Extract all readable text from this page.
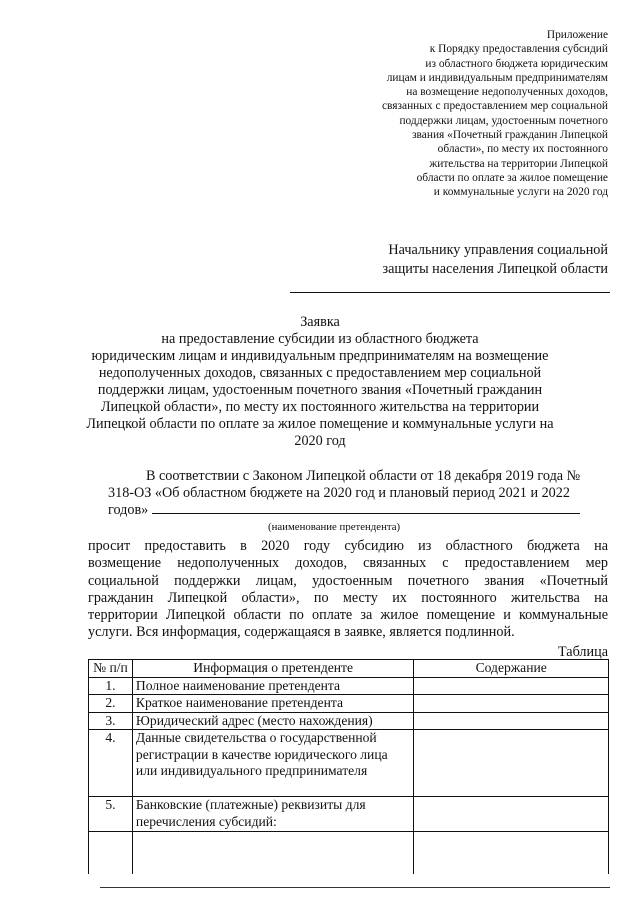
Приложение
к Порядку предоставления субсидий
из областного бюджета юридическим
лицам и индивидуальным предпринимателям
на возмещение недополученных доходов,
связанных с предоставлением мер социальной
поддержки лицам, удостоенным почетного
звания «Почетный гражданин Липецкой
области», по месту их постоянного
жительства на территории Липецкой
области по оплате за жилое помещение
и коммунальные услуги на 2020 год
Начальнику управления социальной
защиты населения Липецкой области
Заявка
на предоставление субсидии из областного бюджета
юридическим лицам и индивидуальным предпринимателям на возмещение
недополученных доходов, связанных с предоставлением мер социальной
поддержки лицам, удостоенным почетного звания «Почетный гражданин
Липецкой области», по месту их постоянного жительства на территории
Липецкой области по оплате за жилое помещение и коммунальные услуги на
2020 год
В соответствии с Законом Липецкой области от 18 декабря 2019 года №
318-ОЗ «Об областном бюджете на 2020 год и плановый период 2021 и 2022
годов»
(наименование претендента)
просит предоставить в 2020 году субсидию из областного бюджета на
возмещение недополученных доходов, связанных с предоставлением мер
социальной поддержки лицам, удостоенным почетного звания «Почетный
гражданин Липецкой области», по месту их постоянного жительства на
территории Липецкой области по оплате за жилое помещение и коммунальные
услуги. Вся информация, содержащаяся в заявке, является подлинной.
Таблица
№ п/п	Информация о претенденте	Содержание
1.	Полное наименование претендента	
2.	Краткое наименование претендента	
3.	Юридический адрес (место нахождения)	
4.	Данные свидетельства о государственной регистрации в качестве юридического лица или индивидуального предпринимателя	
5.	Банковские (платежные) реквизиты для перечисления субсидий:	
